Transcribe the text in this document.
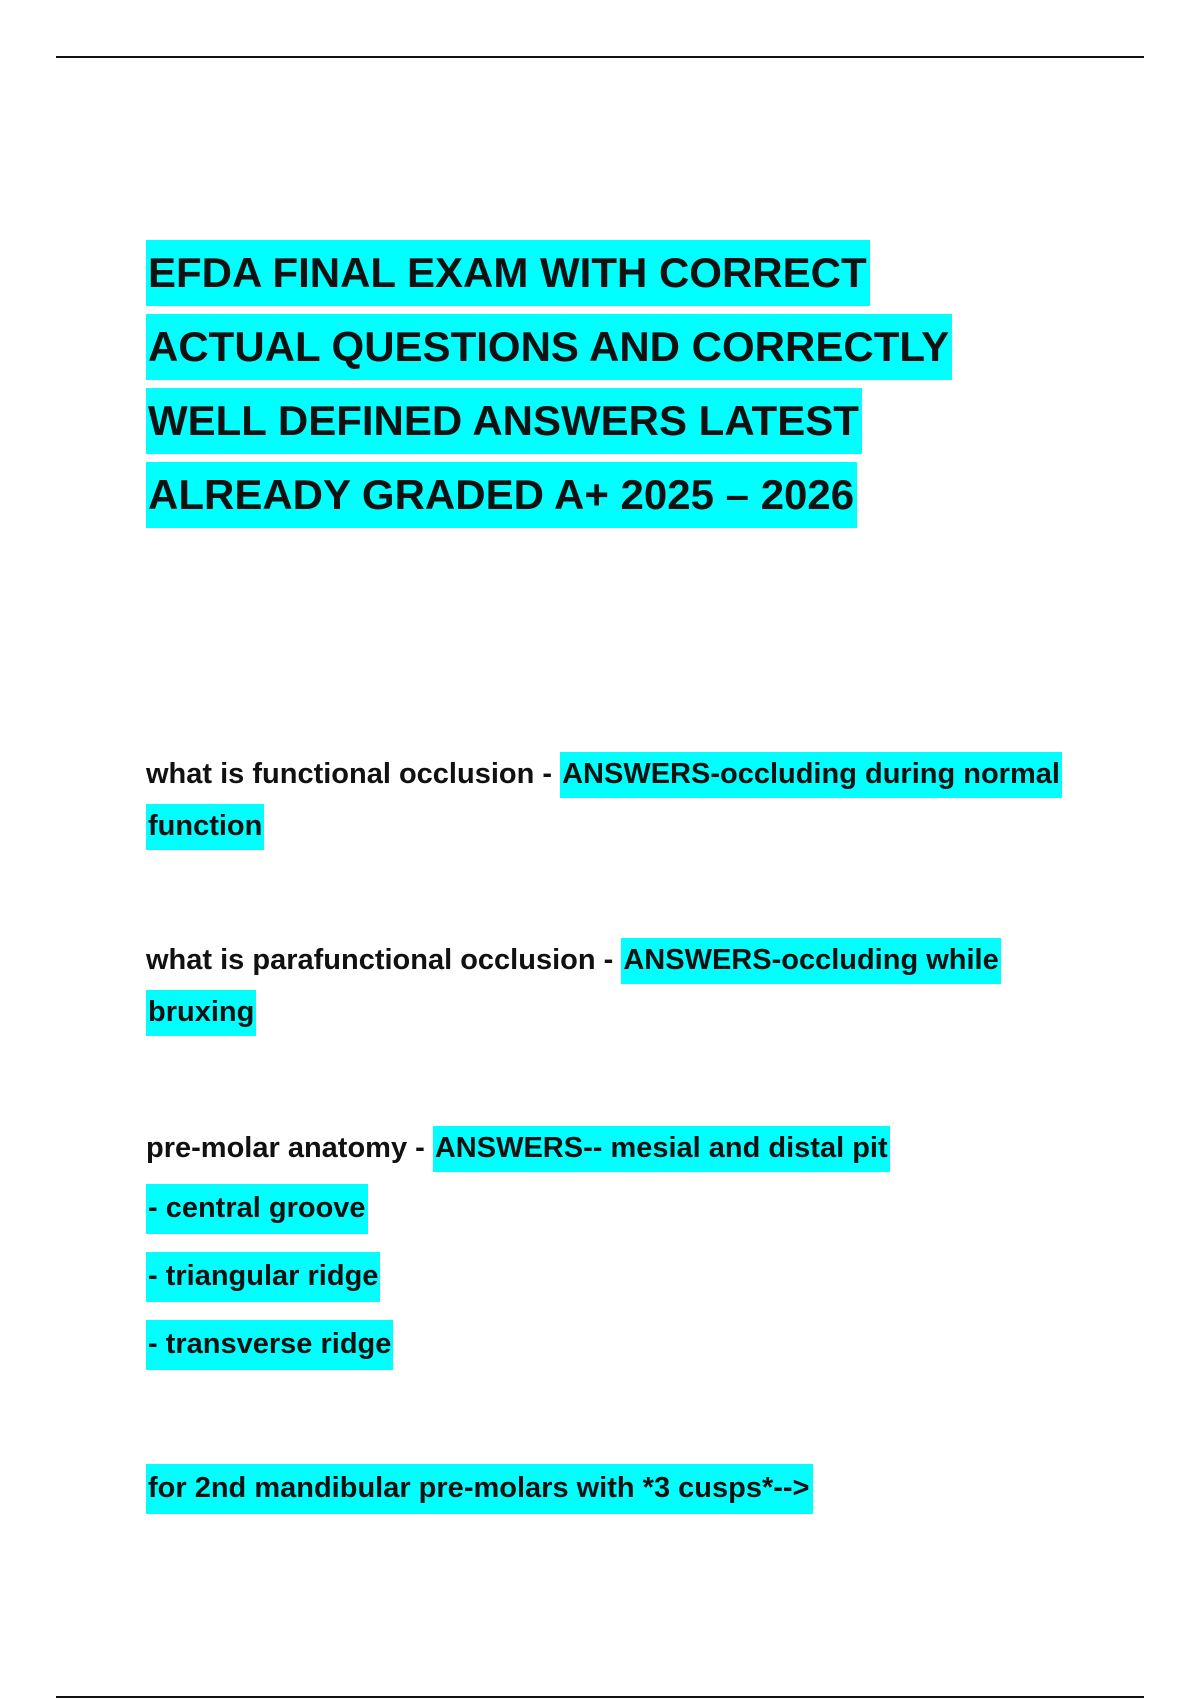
EFDA FINAL EXAM WITH CORRECT
ACTUAL QUESTIONS AND CORRECTLY
WELL DEFINED ANSWERS LATEST
ALREADY GRADED A+ 2025 – 2026

what is functional occlusion - ANSWERS-occluding during normal function

what is parafunctional occlusion - ANSWERS-occluding while bruxing

pre-molar anatomy - ANSWERS-- mesial and distal pit
- central groove
- triangular ridge
- transverse ridge

for 2nd mandibular pre-molars with *3 cusps*-->
